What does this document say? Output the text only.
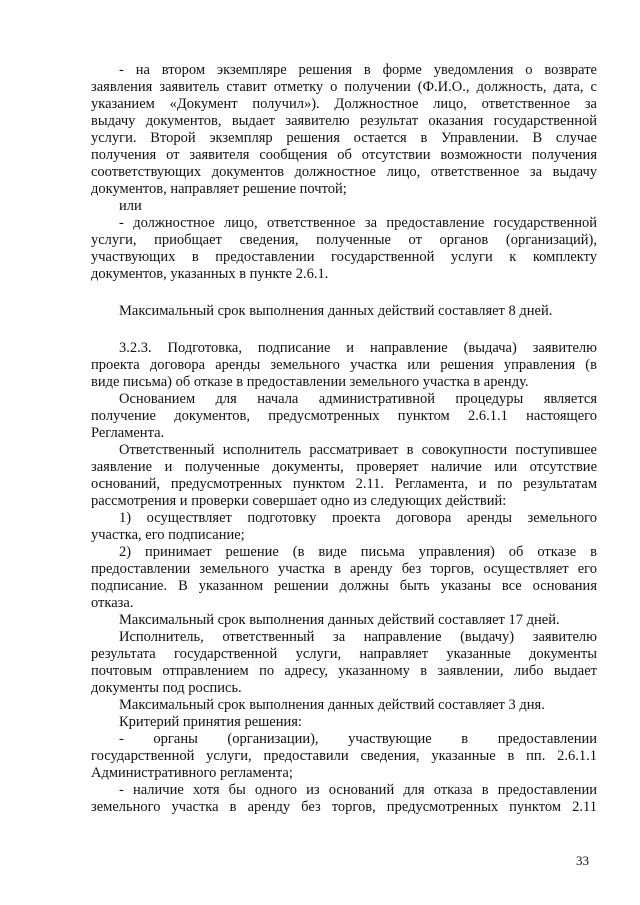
- на втором экземпляре решения в форме уведомления о возврате
заявления заявитель ставит отметку о получении (Ф.И.О., должность, дата, с
указанием «Документ получил»). Должностное лицо, ответственное за
выдачу документов, выдает заявителю результат оказания государственной
услуги. Второй экземпляр решения остается в Управлении. В случае
получения от заявителя сообщения об отсутствии возможности получения
соответствующих документов должностное лицо, ответственное за выдачу
документов, направляет решение почтой;
или
- должностное лицо, ответственное за предоставление государственной
услуги, приобщает сведения, полученные от органов (организаций),
участвующих в предоставлении государственной услуги к комплекту
документов, указанных в пункте 2.6.1.
Максимальный срок выполнения данных действий составляет 8 дней.
3.2.3. Подготовка, подписание и направление (выдача) заявителю
проекта договора аренды земельного участка или решения управления (в
виде письма) об отказе в предоставлении земельного участка в аренду.
Основанием для начала административной процедуры является
получение документов, предусмотренных пунктом 2.6.1.1 настоящего
Регламента.
Ответственный исполнитель рассматривает в совокупности поступившее
заявление и полученные документы, проверяет наличие или отсутствие
оснований, предусмотренных пунктом 2.11. Регламента, и по результатам
рассмотрения и проверки совершает одно из следующих действий:
1) осуществляет подготовку проекта договора аренды земельного
участка, его подписание;
2) принимает решение (в виде письма управления) об отказе в
предоставлении земельного участка в аренду без торгов, осуществляет его
подписание. В указанном решении должны быть указаны все основания
отказа.
Максимальный срок выполнения данных действий составляет 17 дней.
Исполнитель, ответственный за направление (выдачу) заявителю
результата государственной услуги, направляет указанные документы
почтовым отправлением по адресу, указанному в заявлении, либо выдает
документы под роспись.
Максимальный срок выполнения данных действий составляет 3 дня.
Критерий принятия решения:
- органы (организации), участвующие в предоставлении
государственной услуги, предоставили сведения, указанные в пп. 2.6.1.1
Административного регламента;
- наличие хотя бы одного из оснований для отказа в предоставлении
земельного участка в аренду без торгов, предусмотренных пунктом 2.11
33
